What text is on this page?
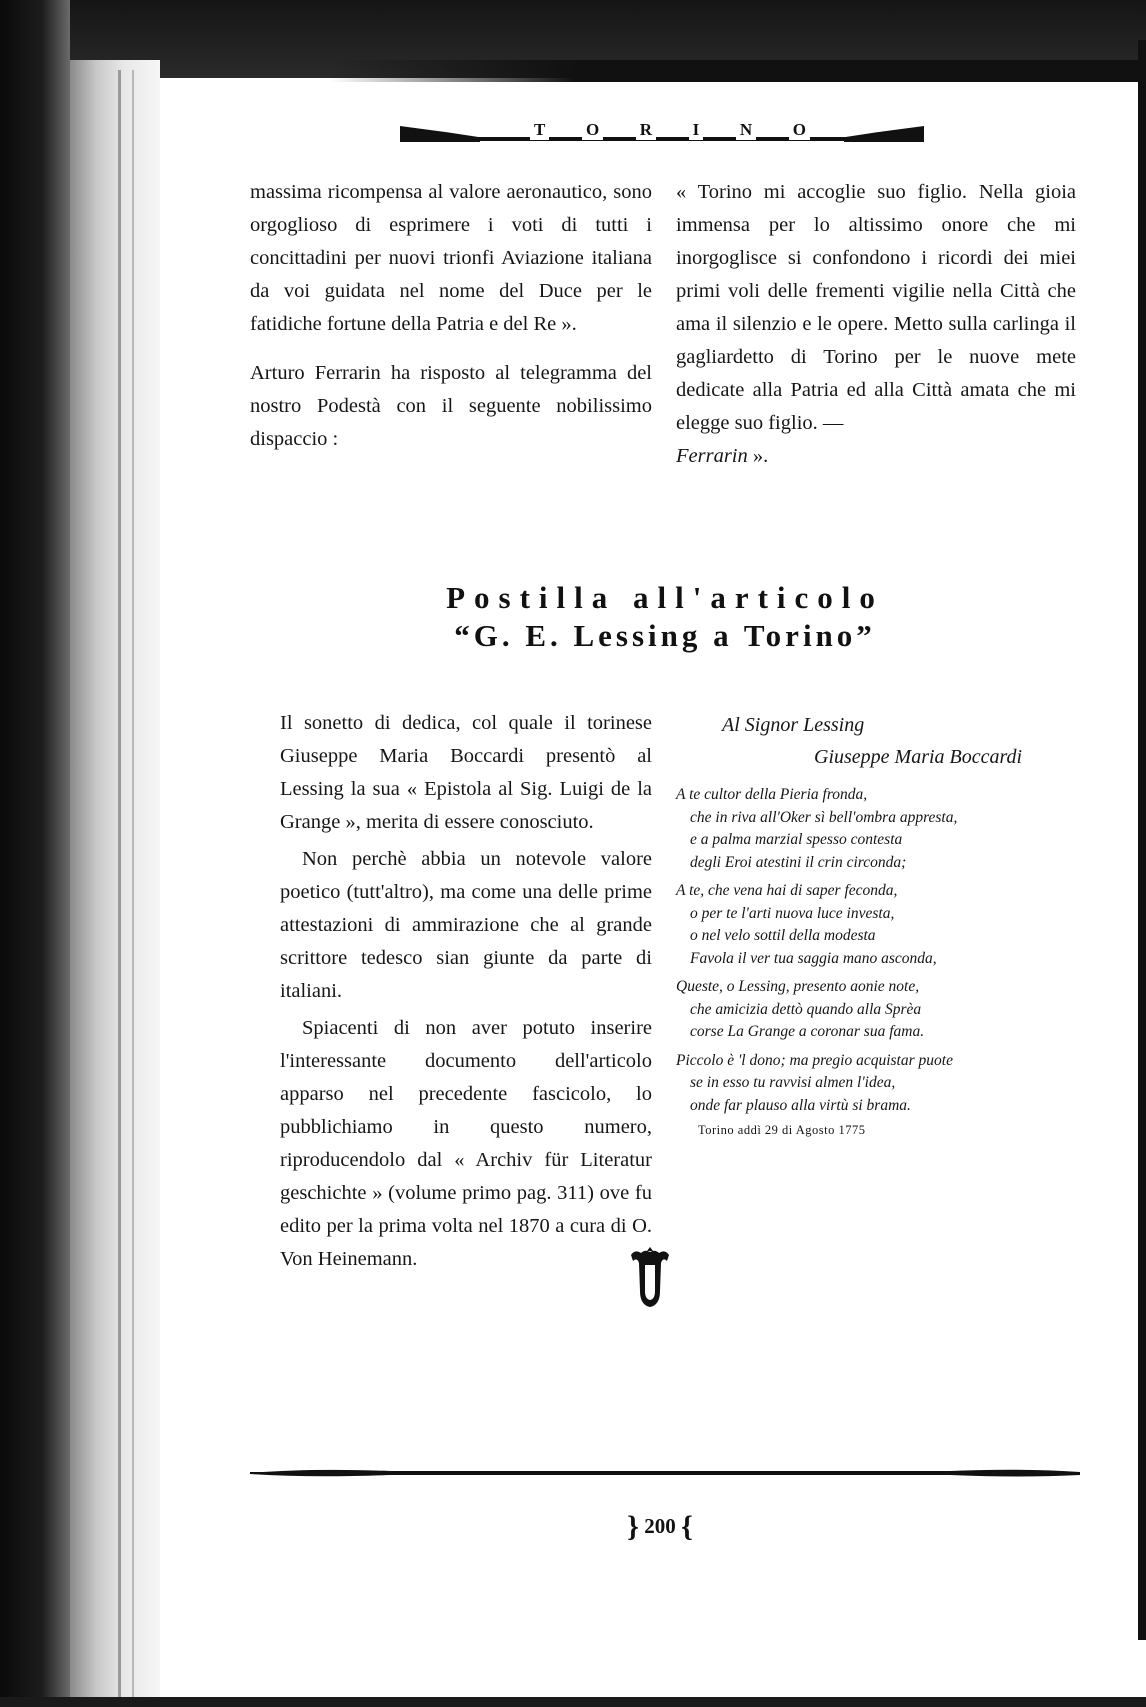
T O R I N O

massima ricompensa al valore aeronautico, sono orgoglioso di esprimere i voti di tutti i concittadini per nuovi trionfi Aviazione italiana da voi guidata nel nome del Duce per le fatidiche fortune della Patria e del Re ».

Arturo Ferrarin ha risposto al telegramma del nostro Podestà con il seguente nobilissimo dispaccio :

« Torino mi accoglie suo figlio. Nella gioia immensa per lo altissimo onore che mi inorgoglisce si confondono i ricordi dei miei primi voli delle frementi vigilie nella Città che ama il silenzio e le opere. Metto sulla carlinga il gagliardetto di Torino per le nuove mete dedicate alla Patria ed alla Città amata che mi elegge suo figlio. —
Ferrarin ».

Postilla all'articolo
“G. E. Lessing a Torino”

Il sonetto di dedica, col quale il torinese Giuseppe Maria Boccardi presentò al Lessing la sua « Epistola al Sig. Luigi de la Grange », merita di essere conosciuto.

Non perchè abbia un notevole valore poetico (tutt'altro), ma come una delle prime attestazioni di ammirazione che al grande scrittore tedesco sian giunte da parte di italiani.

Spiacenti di non aver potuto inserire l'interessante documento dell'articolo apparso nel precedente fascicolo, lo pubblichiamo in questo numero, riproducendolo dal « Archiv für Literatur geschichte » (volume primo pag. 311) ove fu edito per la prima volta nel 1870 a cura di O. Von Heinemann.

Al Signor Lessing
Giuseppe Maria Boccardi
A te cultor della Pieria fronda,
che in riva all'Oker sì bell'ombra appresta,
e a palma marzial spesso contesta
degli Eroi atestini il crin circonda;
A te, che vena hai di saper feconda,
o per te l'arti nuova luce investa,
o nel velo sottil della modesta
Favola il ver tua saggia mano asconda,
Queste, o Lessing, presento aonie note,
che amicizia dettò quando alla Sprèa
corse La Grange a coronar sua fama.
Piccolo è 'l dono; ma pregio acquistar puote
se in esso tu ravvisi almen l'idea,
onde far plauso alla virtù si brama.
Torino addì 29 di Agosto 1775
} 200 {
